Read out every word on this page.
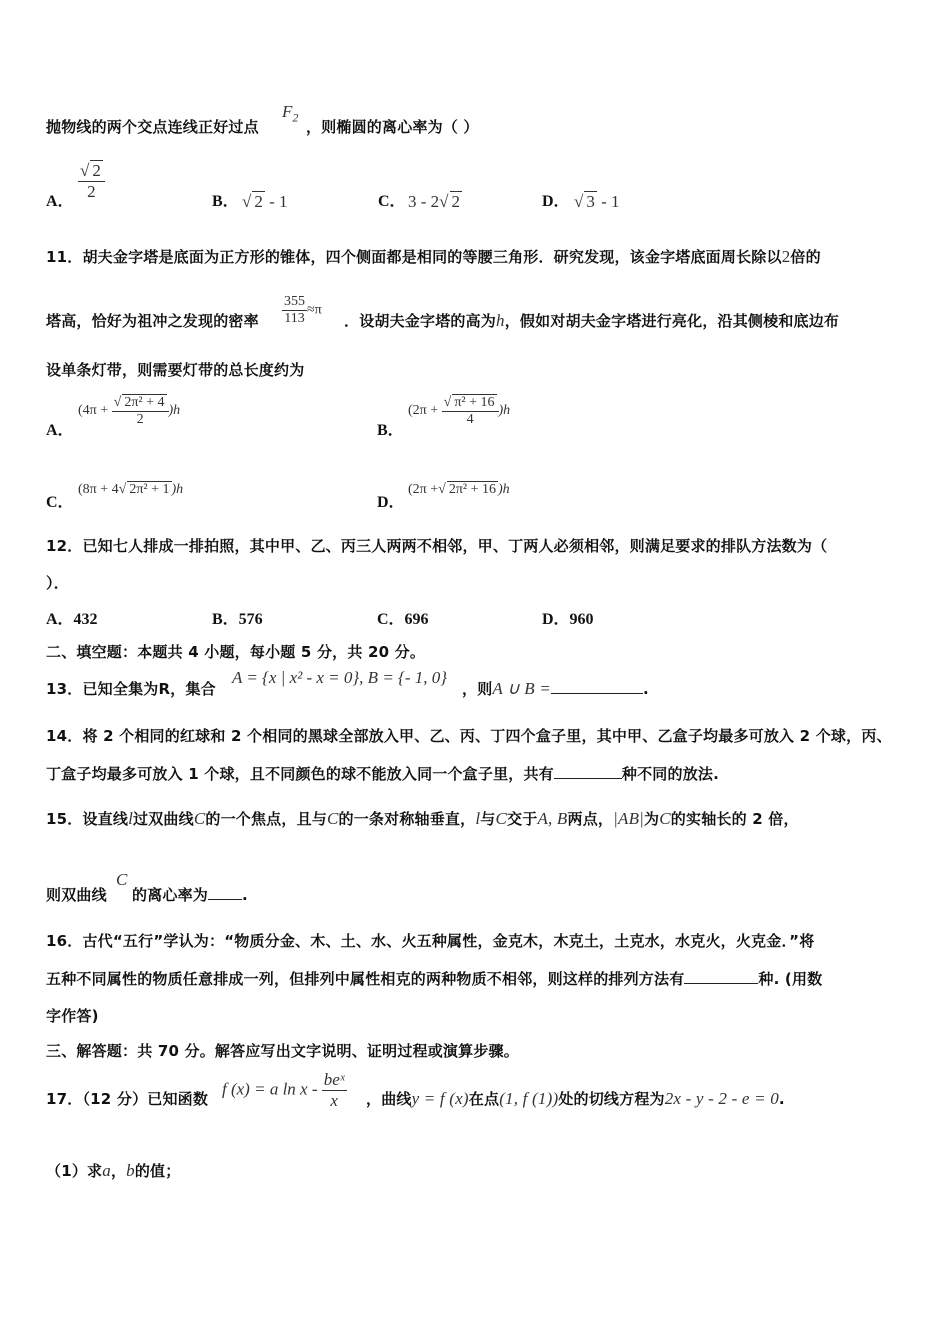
抛物线的两个交点连线正好过点
$F_2$
，则椭圆的离心率为（ ）
A． $\frac{√ 2}{2}$	B． √ 2 - 1	C． 3 - 2√ 2	D． √ 3 - 1
11．胡夫金字塔是底面为正方形的锥体，四个侧面都是相同的等腰三角形．研究发现，该金字塔底面周长除以2倍的
塔高，恰好为祖冲之发现的密率 $\frac{355}{113} \approx\pi$
．设胡夫金字塔的高为h，假如对胡夫金字塔进行亮化，沿其侧棱和底边布
设单条灯带，则需要灯带的总长度约为
A．
$(4\pi + \frac{\text{√ 2π² + 4}}{2} )h$
B．
$(2\pi + \frac{\text{√ π² + 16}}{4} )h$
C．
(8π + 4√ 2π² + 1 )h
D．
(2π +√ 2π² + 16 )h
12．已知七人排成一排拍照，其中甲、乙、丙三人两两不相邻，甲、丁两人必须相邻，则满足要求的排队方法数为（
）．
A．432	B．576	C．696	D．960
二、填空题：本题共 4 小题，每小题 5 分，共 20 分。
13．已知全集为R，集合
A = {x | x² - x = 0}, B = {- 1, 0}
，则A ∪ B =	.
14．将 2 个相同的红球和 2 个相同的黑球全部放入甲、乙、丙、丁四个盒子里，其中甲、乙盒子均最多可放入 2 个球，丙、
丁盒子均最多可放入 1 个球，且不同颜色的球不能放入同一个盒子里，共有	种不同的放法.
15．设直线l过双曲线C的一个焦点，且与C的一条对称轴垂直，l与C交于A, B两点，|AB|为C的实轴长的 2 倍，
则双曲线
C
的离心率为 .
16．古代“五行”学认为：“物质分金、木、土、水、火五种属性，金克木，木克土，土克水，水克火，火克金．”将
五种不同属性的物质任意排成一列，但排列中属性相克的两种物质不相邻，则这样的排列方法有	种. (用数
字作答)
三、解答题：共 70 分。解答应写出文字说明、证明过程或演算步骤。
17．（12 分）已知函数
f (x) = a ln x - $\frac{\text{beˣ}}{x}$ ，曲线y = f (x)在点(1, f (1))处的切线方程为2x - y - 2 - e = 0.
（1）求a，b的值；
